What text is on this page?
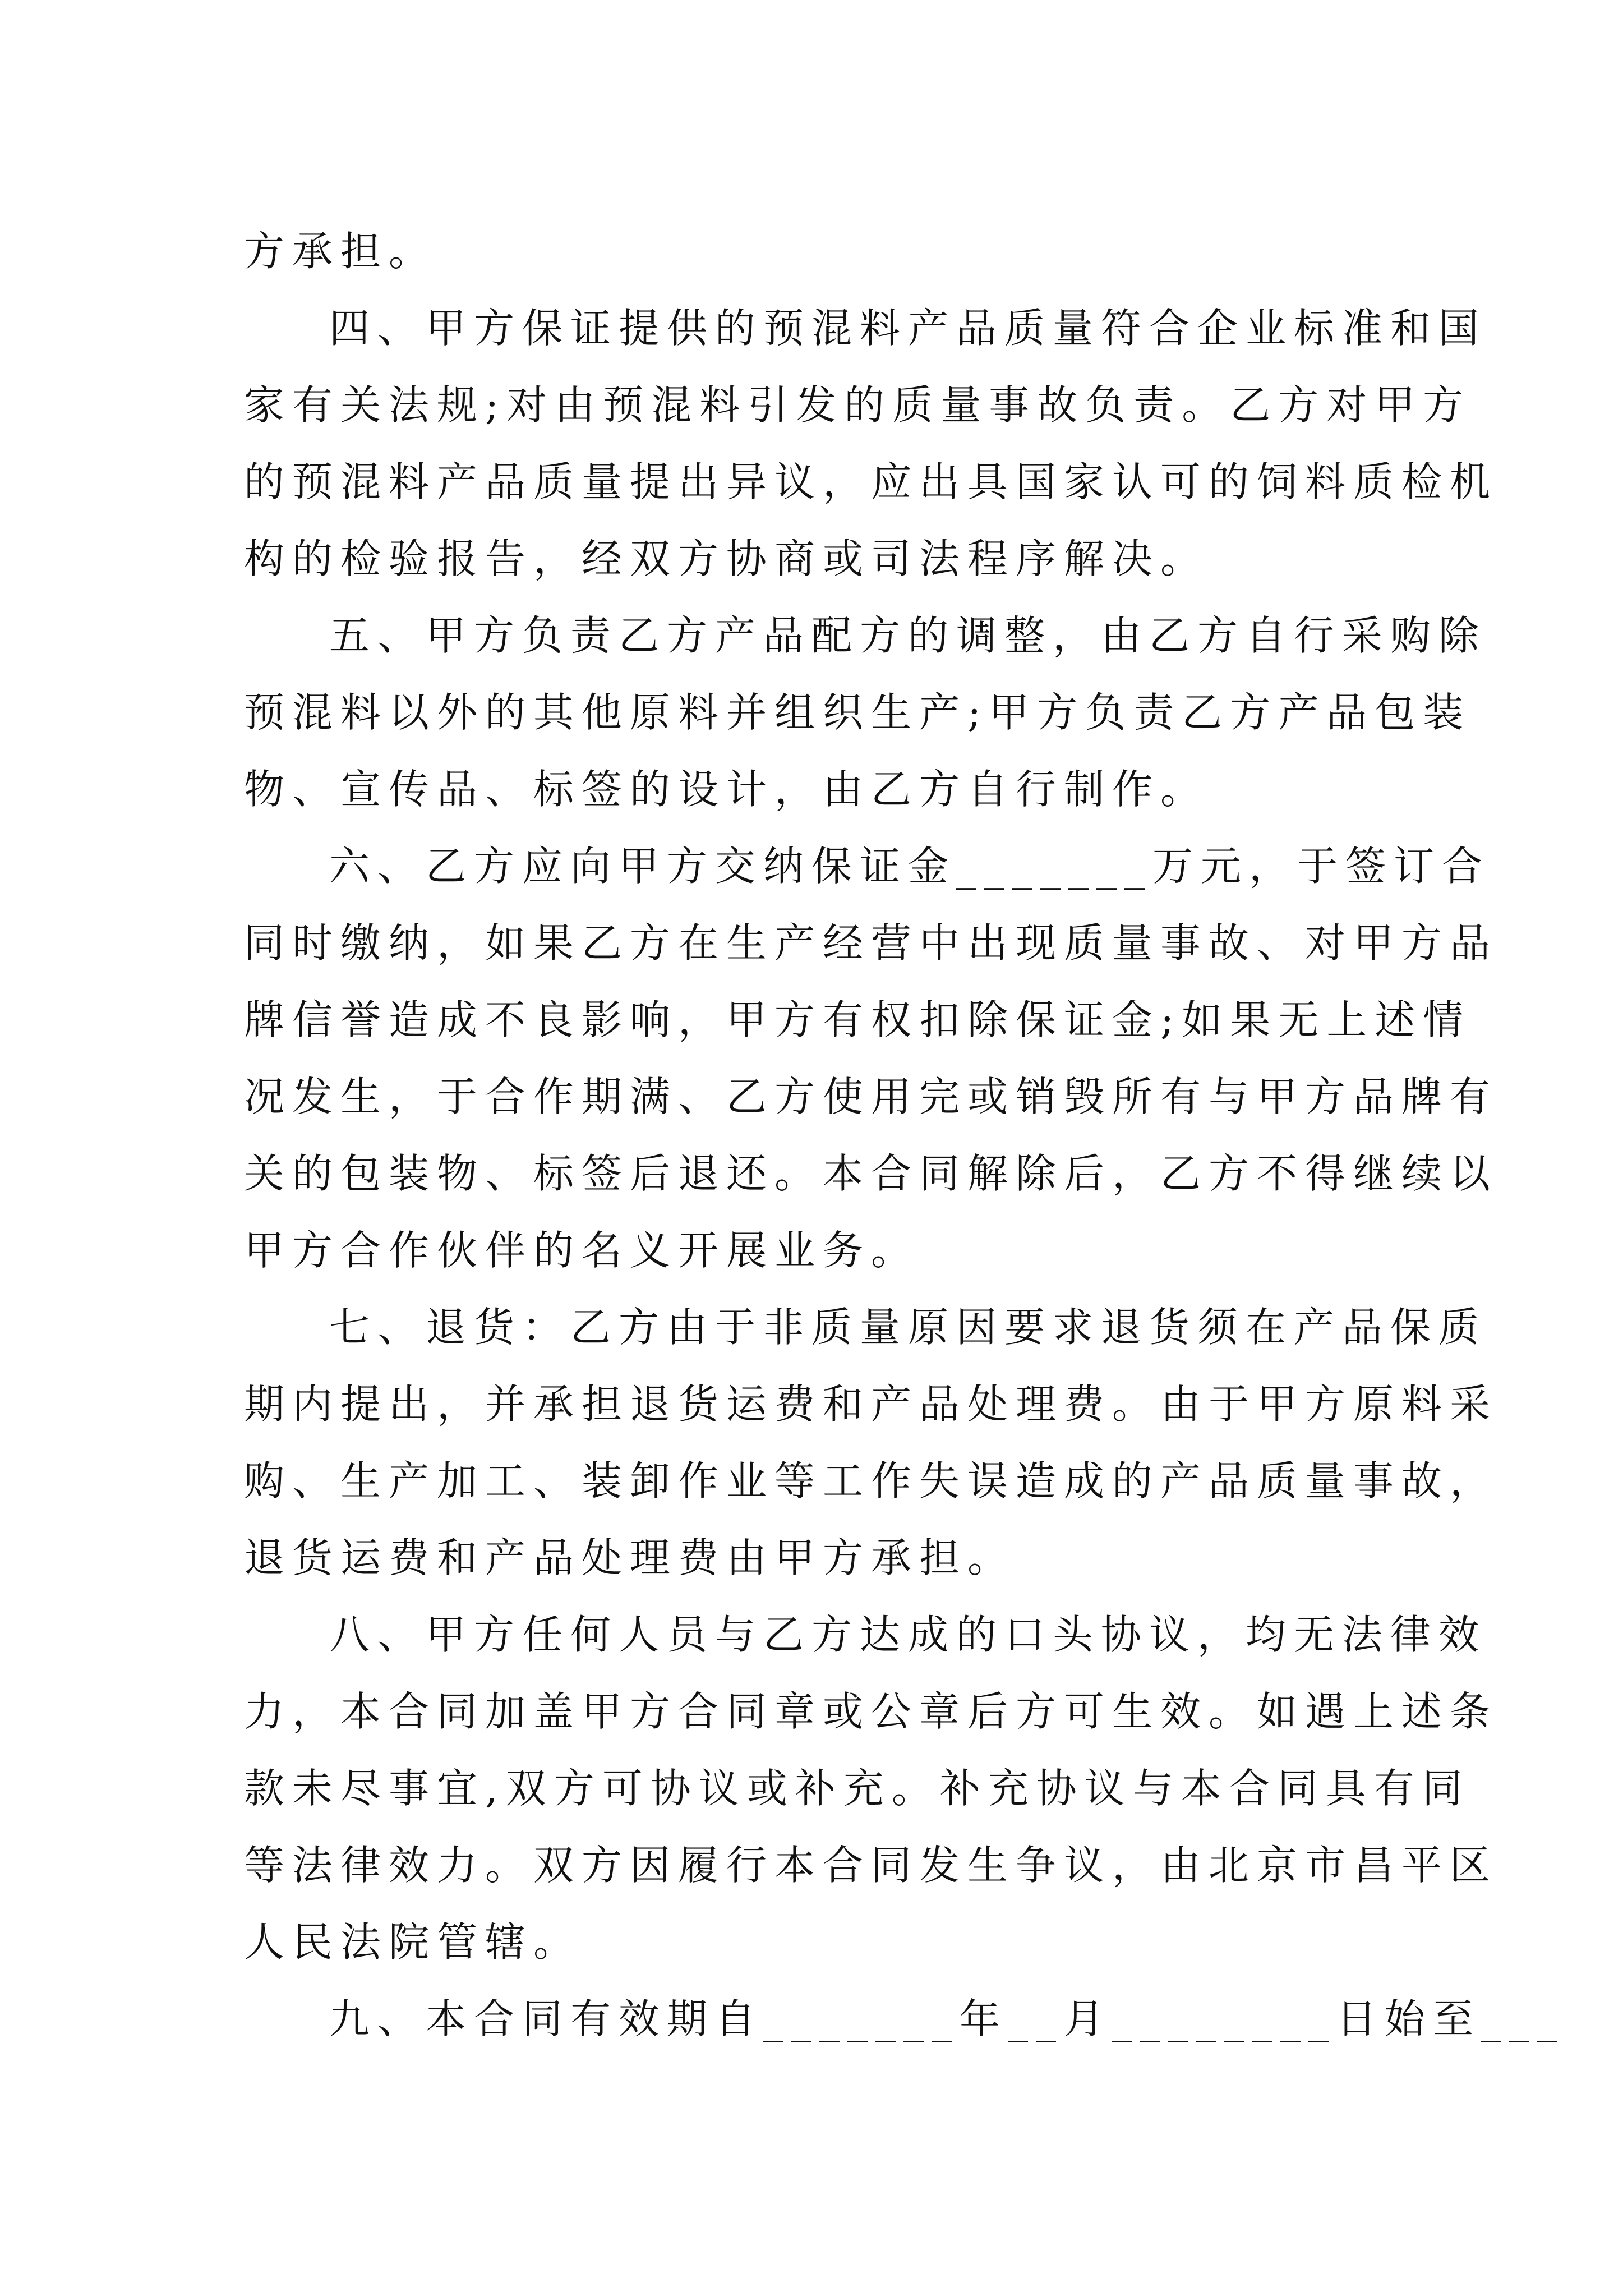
方承担。
四、甲方保证提供的预混料产品质量符合企业标准和国
家有关法规;对由预混料引发的质量事故负责。乙方对甲方
的预混料产品质量提出异议，应出具国家认可的饲料质检机
构的检验报告，经双方协商或司法程序解决。
五、甲方负责乙方产品配方的调整，由乙方自行采购除
预混料以外的其他原料并组织生产;甲方负责乙方产品包装
物、宣传品、标签的设计，由乙方自行制作。
六、乙方应向甲方交纳保证金_______万元，于签订合
同时缴纳，如果乙方在生产经营中出现质量事故、对甲方品
牌信誉造成不良影响，甲方有权扣除保证金;如果无上述情
况发生，于合作期满、乙方使用完或销毁所有与甲方品牌有
关的包装物、标签后退还。本合同解除后，乙方不得继续以
甲方合作伙伴的名义开展业务。
七、退货：乙方由于非质量原因要求退货须在产品保质
期内提出，并承担退货运费和产品处理费。由于甲方原料采
购、生产加工、装卸作业等工作失误造成的产品质量事故，
退货运费和产品处理费由甲方承担。
八、甲方任何人员与乙方达成的口头协议，均无法律效
力，本合同加盖甲方合同章或公章后方可生效。如遇上述条
款未尽事宜,双方可协议或补充。补充协议与本合同具有同
等法律效力。双方因履行本合同发生争议，由北京市昌平区
人民法院管辖。
九、本合同有效期自_______年__月________日始至___
